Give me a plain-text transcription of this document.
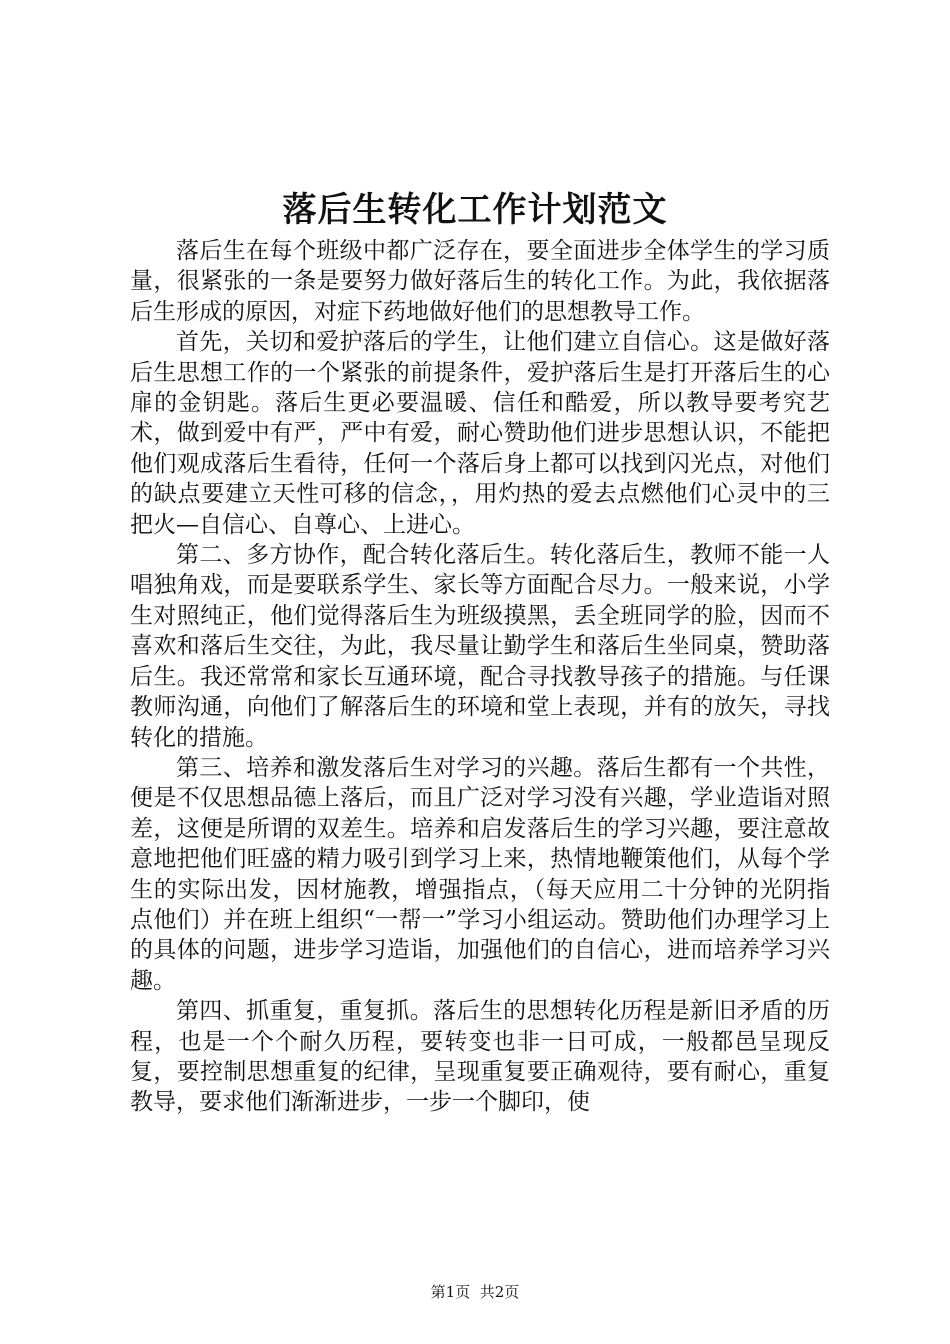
落后生转化工作计划范文

落后生在每个班级中都广泛存在，要全面进步全体学生的学习质量，很紧张的一条是要努力做好落后生的转化工作。为此，我依据落后生形成的原因，对症下药地做好他们的思想教导工作。

首先，关切和爱护落后的学生，让他们建立自信心。这是做好落后生思想工作的一个紧张的前提条件，爱护落后生是打开落后生的心扉的金钥匙。落后生更必要温暖、信任和酷爱，所以教导要考究艺术，做到爱中有严，严中有爱，耐心赞助他们进步思想认识，不能把他们观成落后生看待，任何一个落后身上都可以找到闪光点，对他们的缺点要建立天性可移的信念，，用灼热的爱去点燃他们心灵中的三把火—自信心、自尊心、上进心。

第二、多方协作，配合转化落后生。转化落后生，教师不能一人唱独角戏，而是要联系学生、家长等方面配合尽力。一般来说，小学生对照纯正，他们觉得落后生为班级摸黑，丢全班同学的脸，因而不喜欢和落后生交往，为此，我尽量让勤学生和落后生坐同桌，赞助落后生。我还常常和家长互通环境，配合寻找教导孩子的措施。与任课教师沟通，向他们了解落后生的环境和堂上表现，并有的放矢，寻找转化的措施。

第三、培养和激发落后生对学习的兴趣。落后生都有一个共性，便是不仅思想品德上落后，而且广泛对学习没有兴趣，学业造诣对照差，这便是所谓的双差生。培养和启发落后生的学习兴趣，要注意故意地把他们旺盛的精力吸引到学习上来，热情地鞭策他们，从每个学生的实际出发，因材施教，增强指点，（每天应用二十分钟的光阴指点他们）并在班上组织“一帮一”学习小组运动。赞助他们办理学习上的具体的问题，进步学习造诣，加强他们的自信心，进而培养学习兴趣。

第四、抓重复，重复抓。落后生的思想转化历程是新旧矛盾的历程，也是一个个耐久历程，要转变也非一日可成，一般都邑呈现反复，要控制思想重复的纪律，呈现重复要正确观待，要有耐心，重复教导，要求他们渐渐进步，一步一个脚印，使

第1页 共2页
